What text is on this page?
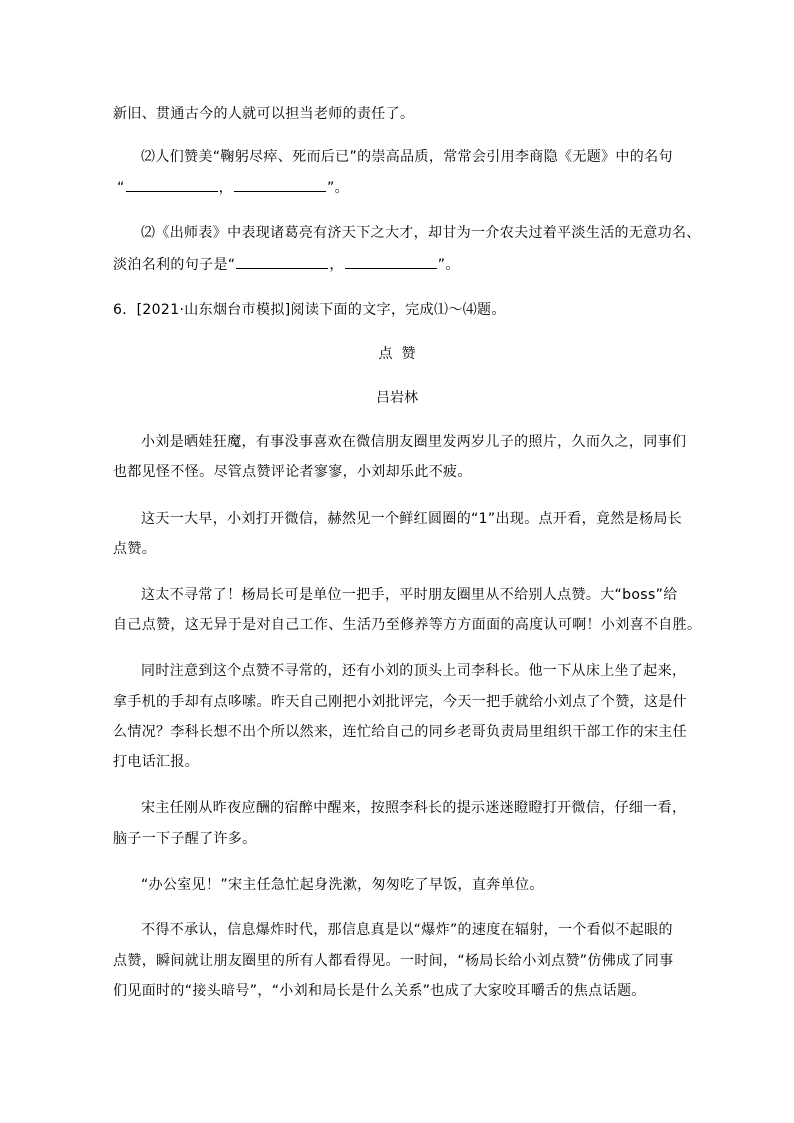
新旧、贯通古今的人就可以担当老师的责任了。
⑵人们赞美“鞠躬尽瘁、死而后已”的崇高品质，常常会引用李商隐《无题》中的名句
“	，	”。
⑵《出师表》中表现诸葛亮有济天下之大才，却甘为一介农夫过着平淡生活的无意功名、
淡泊名利的句子是“	，	”。
6．[2021·山东烟台市模拟]阅读下面的文字，完成⑴～⑷题。
点  赞
吕岩林
小刘是晒娃狂魔，有事没事喜欢在微信朋友圈里发两岁儿子的照片，久而久之，同事们
也都见怪不怪。尽管点赞评论者寥寥，小刘却乐此不疲。
这天一大早，小刘打开微信，赫然见一个鲜红圆圈的“1”出现。点开看，竟然是杨局长
点赞。
这太不寻常了！杨局长可是单位一把手，平时朋友圈里从不给别人点赞。大“boss”给
自己点赞，这无异于是对自己工作、生活乃至修养等方方面面的高度认可啊！小刘喜不自胜。
同时注意到这个点赞不寻常的，还有小刘的顶头上司李科长。他一下从床上坐了起来，
拿手机的手却有点哆嗦。昨天自己刚把小刘批评完，今天一把手就给小刘点了个赞，这是什
么情况？李科长想不出个所以然来，连忙给自己的同乡老哥负责局里组织干部工作的宋主任
打电话汇报。
宋主任刚从昨夜应酬的宿醉中醒来，按照李科长的提示迷迷瞪瞪打开微信，仔细一看，
脑子一下子醒了许多。
“办公室见！”宋主任急忙起身洗漱，匆匆吃了早饭，直奔单位。
不得不承认，信息爆炸时代，那信息真是以“爆炸”的速度在辐射，一个看似不起眼的
点赞，瞬间就让朋友圈里的所有人都看得见。一时间，“杨局长给小刘点赞”仿佛成了同事
们见面时的“接头暗号”，“小刘和局长是什么关系”也成了大家咬耳嚼舌的焦点话题。
